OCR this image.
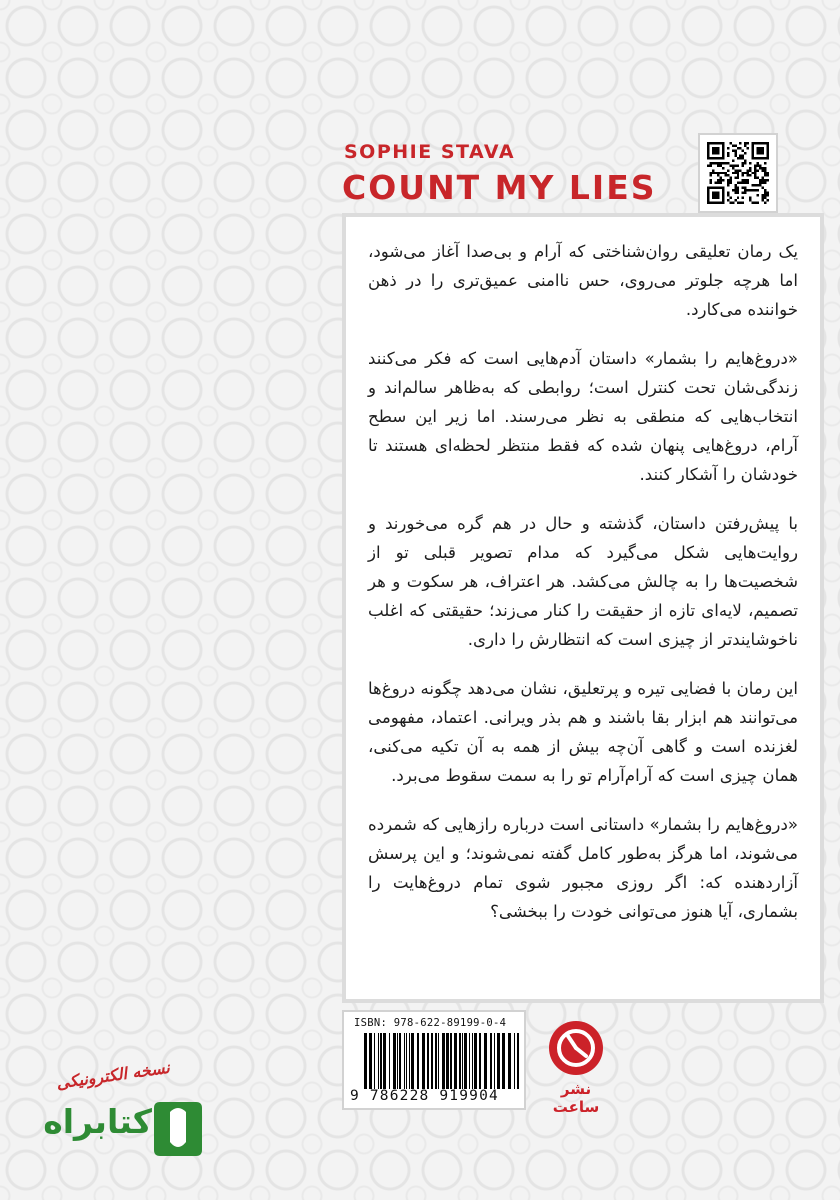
SOPHIE STAVA
COUNT MY LIES

یک رمان تعلیقی روان‌شناختی که آرام و بی‌صدا آغاز می‌شود، اما هرچه جلوتر می‌روی، حس ناامنی عمیق‌تری را در ذهن خواننده می‌کارد.

«دروغ‌هایم را بشمار» داستان آدم‌هایی است که فکر می‌کنند زندگی‌شان تحت کنترل است؛ روابطی که به‌ظاهر سالم‌اند و انتخاب‌هایی که منطقی به نظر می‌رسند. اما زیر این سطح آرام، دروغ‌هایی پنهان شده که فقط منتظر لحظه‌ای هستند تا خودشان را آشکار کنند.

با پیش‌رفتن داستان، گذشته و حال در هم گره می‌خورند و روایت‌هایی شکل می‌گیرد که مدام تصویر قبلی تو از شخصیت‌ها را به چالش می‌کشد. هر اعتراف، هر سکوت و هر تصمیم، لایه‌ای تازه از حقیقت را کنار می‌زند؛ حقیقتی که اغلب ناخوشایندتر از چیزی است که انتظارش را داری.

این رمان با فضایی تیره و پرتعلیق، نشان می‌دهد چگونه دروغ‌ها می‌توانند هم ابزار بقا باشند و هم بذر ویرانی. اعتماد، مفهومی لغزنده است و گاهی آن‌چه بیش از همه به آن تکیه می‌کنی، همان چیزی است که آرام‌آرام تو را به سمت سقوط می‌برد.

«دروغ‌هایم را بشمار» داستانی است درباره رازهایی که شمرده می‌شوند، اما هرگز به‌طور کامل گفته نمی‌شوند؛ و این پرسش آزاردهنده که: اگر روزی مجبور شوی تمام دروغ‌هایت را بشماری، آیا هنوز می‌توانی خودت را ببخشی؟

ISBN: 978-622-89199-0-4
9 786228 919904	نشر ساعت
نسخه الکترونیکی
کتابراه
